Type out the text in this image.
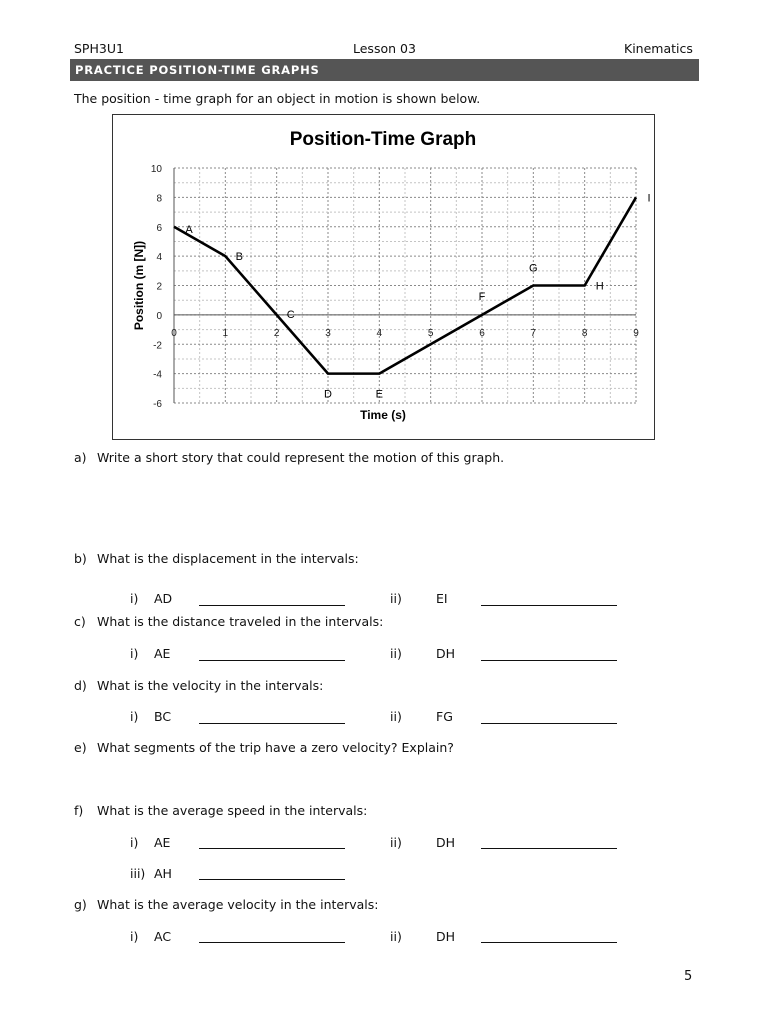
SPH3U1	Lesson 03	Kinematics
PRACTICE POSITION-TIME GRAPHS
The position - time graph for an object in motion is shown below.
Position-Time Graph
10
8
6
4
2
0
-2
-4
-6
0	1	2	3	4	5	6	7	8	9
Time (s)
Position (m [N])
A
B
C
D	E
F
G
H
I
a) Write a short story that could represent the motion of this graph.
b) What is the displacement in the intervals:
i) AD	ii)	EI
c) What is the distance traveled in the intervals:
i) AE	ii)	DH
d) What is the velocity in the intervals:
i) BC	ii)	FG
e) What segments of the trip have a zero velocity? Explain?
f) What is the average speed in the intervals:
i) AE	ii)	DH
iii) AH
g) What is the average velocity in the intervals:
i) AC	ii)	DH
5
